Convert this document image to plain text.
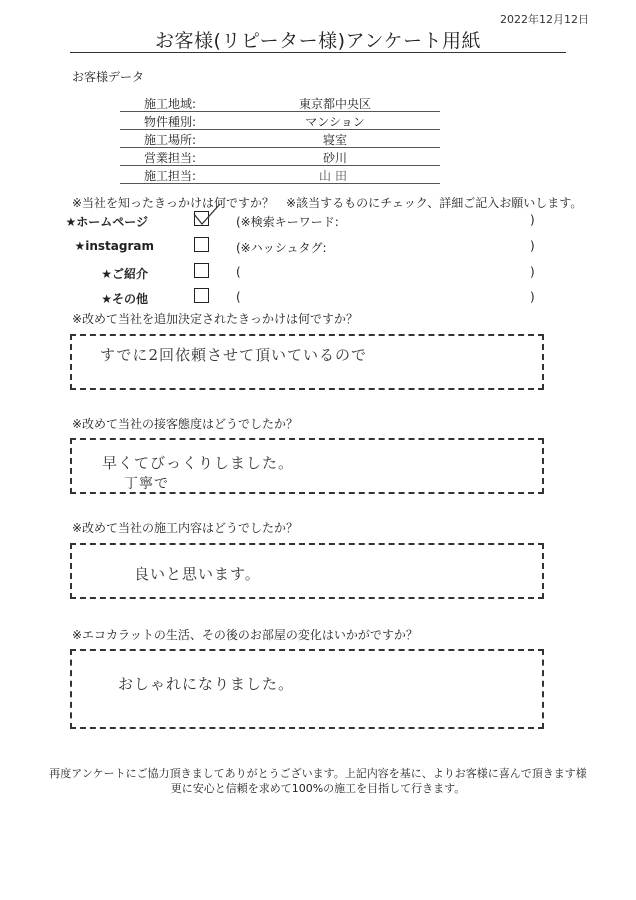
2022年12月12日
お客様(リピーター様)アンケート用紙
お客様データ
施工地域:	東京都中央区
物件種別:	マンション
施工場所:	寝室
営業担当:	砂川
施工担当:	山田
※当社を知ったきっかけは何ですか？　※該当するものにチェック、詳細ご記入お願いします。
★ホームページ	(※検索キーワード:	)
★instagram	(※ハッシュタグ:	)
★ご紹介	(	)
★その他	(	)
※改めて当社を追加決定されたきっかけは何ですか？
すでに2回依頼させて頂いているので
※改めて当社の接客態度はどうでしたか？
早くてびっくりしました。
丁寧で
※改めて当社の施工内容はどうでしたか？
良いと思います。
※エコカラットの生活、その後のお部屋の変化はいかがですか？
おしゃれになりました。
再度アンケートにご協力頂きましてありがとうございます。上記内容を基に、よりお客様に喜んで頂きます様
更に安心と信頼を求めて100%の施工を目指して行きます。
